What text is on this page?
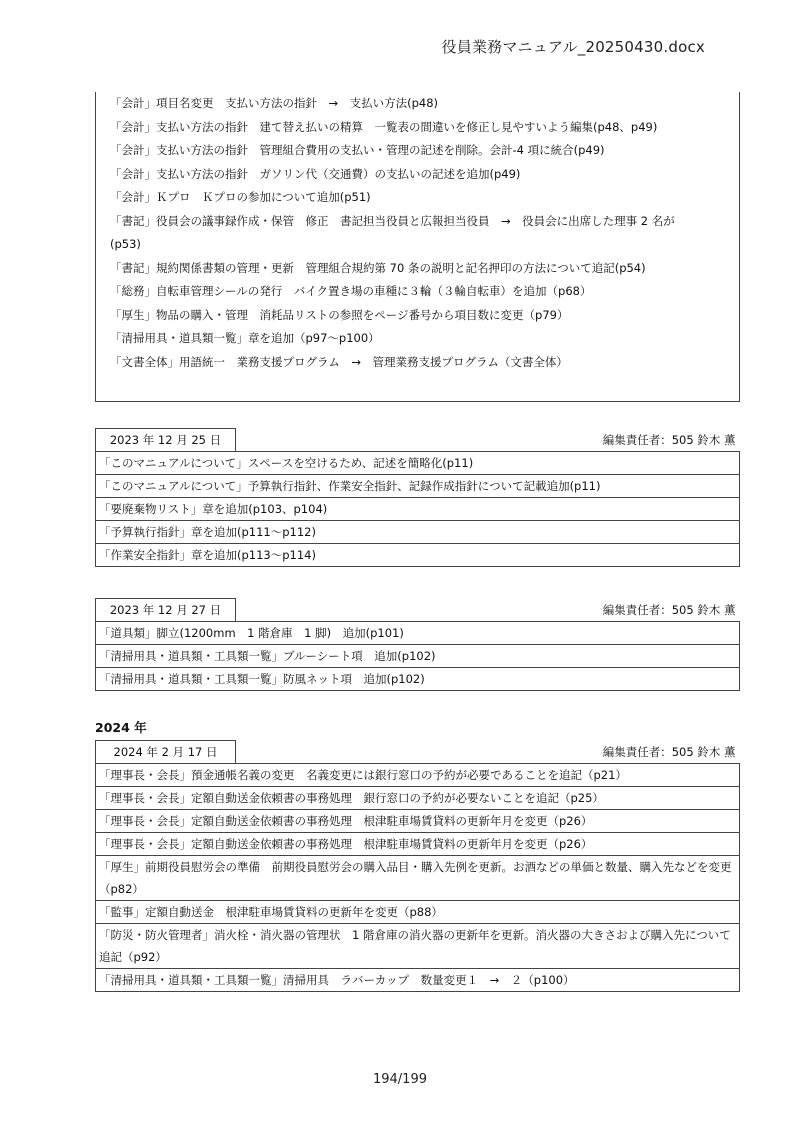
役員業務マニュアル_20250430.docx
「会計」項目名変更　支払い方法の指針　→　支払い方法(p48)
「会計」支払い方法の指針　建て替え払いの精算　一覧表の間違いを修正し見やすいよう編集(p48、p49)
「会計」支払い方法の指針　管理組合費用の支払い・管理の記述を削除。会計-4 項に統合(p49)
「会計」支払い方法の指針　ガソリン代（交通費）の支払いの記述を追加(p49)
「会計」Ｋプロ　Ｋプロの参加について追加(p51)
「書記」役員会の議事録作成・保管　修正　書記担当役員と広報担当役員　→　役員会に出席した理事 2 名が
(p53)
「書記」規約関係書類の管理・更新　管理組合規約第 70 条の説明と記名押印の方法について追記(p54)
「総務」自転車管理シールの発行　バイク置き場の車種に３輪（３輪自転車）を追加（p68）
「厚生」物品の購入・管理　消耗品リストの参照をページ番号から項目数に変更（p79）
「清掃用具・道具類一覧」章を追加（p97～p100）
「文書全体」用語統一　業務支援プログラム　→　管理業務支援プログラム（文書全体）
2023 年 12 月 25 日	編集責任者：505 鈴木 薫
「このマニュアルについて」スペースを空けるため、記述を簡略化(p11)
「このマニュアルについて」予算執行指針、作業安全指針、記録作成指針について記載追加(p11)
「要廃棄物リスト」章を追加(p103、p104)
「予算執行指針」章を追加(p111～p112)
「作業安全指針」章を追加(p113～p114)
2023 年 12 月 27 日	編集責任者：505 鈴木 薫
「道具類」脚立(1200mm　1 階倉庫　1 脚)　追加(p101)
「清掃用具・道具類・工具類一覧」ブルーシート項　追加(p102)
「清掃用具・道具類・工具類一覧」防風ネット項　追加(p102)
2024 年
2024 年 2 月 17 日	編集責任者：505 鈴木 薫
「理事長・会長」預金通帳名義の変更　名義変更には銀行窓口の予約が必要であることを追記（p21）
「理事長・会長」定額自動送金依頼書の事務処理　銀行窓口の予約が必要ないことを追記（p25）
「理事長・会長」定額自動送金依頼書の事務処理　根津駐車場賃貸料の更新年月を変更（p26）
「理事長・会長」定額自動送金依頼書の事務処理　根津駐車場賃貸料の更新年月を変更（p26）
「厚生」前期役員慰労会の準備　前期役員慰労会の購入品目・購入先例を更新。お酒などの単価と数量、購入先などを変更（p82）
「監事」定額自動送金　根津駐車場賃貸料の更新年を変更（p88）
「防災・防火管理者」消火栓・消火器の管理状　1 階倉庫の消火器の更新年を更新。消火器の大きさおよび購入先について追記（p92）
「清掃用具・道具類・工具類一覧」清掃用具　ラバーカップ　数量変更１　→　２（p100）
194/199
